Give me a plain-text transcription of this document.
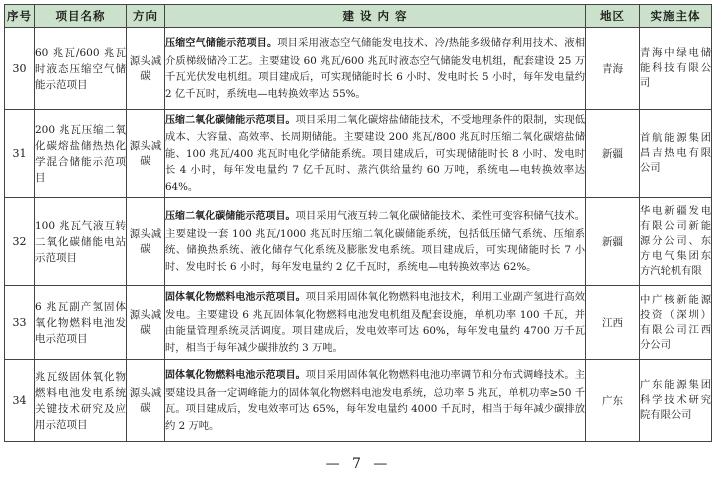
序号	项目名称	方向	建 设 内 容	地区	实施主体
30	60 兆瓦/600 兆瓦时液态压缩空气储能示范项目	源头减碳	压缩空气储能示范项目。项目采用液态空气储能发电技术、冷/热能多级储存利用技术、液相介质梯级储冷工艺。主要建设 60 兆瓦/600 兆瓦时液态空气储能发电机组，配套建设 25 万千瓦光伏发电机组。项目建成后，可实现储能时长 6 小时、发电时长 5 小时，每年发电量约 2 亿千瓦时，系统电—电转换效率达 55%。	青海	青海中绿电储能科技有限公司
31	200 兆瓦压缩二氧化碳熔盐储热热化学混合储能示范项目	源头减碳	压缩二氧化碳储能示范项目。项目采用二氧化碳熔盐储能技术，不受地理条件的限制，实现低成本、大容量、高效率、长周期储能。主要建设 200 兆瓦/800 兆瓦时压缩二氧化碳熔盐储能、100 兆瓦/400 兆瓦时电化学储能系统。项目建成后，可实现储能时长 8 小时、发电时长 4 小时，每年发电量约 7 亿千瓦时、蒸汽供给量约 60 万吨，系统电—电转换效率达 64%。	新疆	首航能源集团昌吉热电有限公司
32	100 兆瓦气液互转二氧化碳储能电站示范项目	源头减碳	压缩二氧化碳储能示范项目。项目采用气液互转二氧化碳储能技术、柔性可变容积储气技术。主要建设一套 100 兆瓦/1000 兆瓦时压缩二氧化碳储能系统，包括低压储气系统、压缩系统、储换热系统、液化储存气化系统及膨胀发电系统。项目建成后，可实现储能时长 7 小时、发电时长 6 小时，每年发电量约 2 亿千瓦时，系统电—电转换效率达 62%。	新疆	华电新疆发电有限公司新能源分公司、东方电气集团东方汽轮机有限
33	6 兆瓦副产氢固体氧化物燃料电池发电示范项目	源头减碳	固体氧化物燃料电池示范项目。项目采用固体氧化物燃料电池技术，利用工业副产氢进行高效发电。主要建设 6 兆瓦固体氧化物燃料电池发电机组及配套设施，单机功率 100 千瓦，并由能量管理系统灵活调度。项目建成后，发电效率可达 60%，每年发电量约 4700 万千瓦时，相当于每年减少碳排放约 3 万吨。	江西	中广核新能源投资（深圳）有限公司江西分公司
34	兆瓦级固体氧化物燃料电池发电系统关键技术研究及应用示范项目	源头减碳	固体氧化物燃料电池示范项目。项目采用固体氧化物燃料电池功率调节和分布式调峰技术。主要建设具备一定调峰能力的固体氧化物燃料电池发电系统，总功率 5 兆瓦，单机功率≥50 千瓦。项目建成后，发电效率可达 65%，每年发电量约 4000 千瓦时，相当于每年减少碳排放约 2 万吨。	广东	广东能源集团科学技术研究院有限公司
— 7 —
